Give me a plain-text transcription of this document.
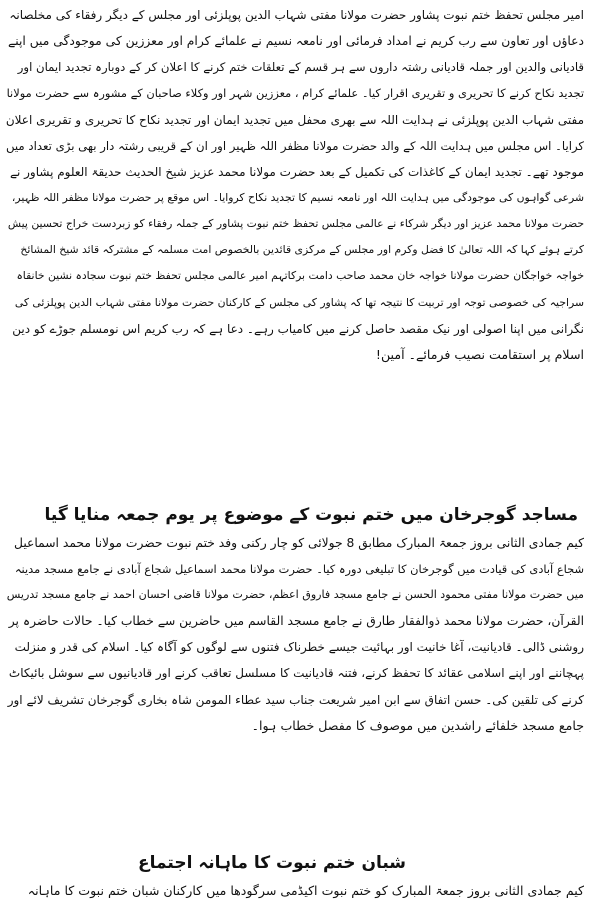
امیر مجلس تحفظ ختم نبوت پشاور حضرت مولانا مفتی شہاب الدین پوپلزئی اور مجلس کے دیگر رفقاء کی مخلصانہ
دعاؤں اور تعاون سے رب کریم نے امداد فرمائی اور نامعہ نسیم نے علمائے کرام اور معززین کی موجودگی میں اپنے
قادیانی والدین اور جملہ قادیانی رشتہ داروں سے ہر قسم کے تعلقات ختم کرنے کا اعلان کر کے دوبارہ تجدید ایمان اور
تجدید نکاح کرنے کا تحریری و تقریری اقرار کیا۔ علمائے کرام ، معززین شہر اور وکلاء صاحبان کے مشورہ سے حضرت مولانا
مفتی شہاب الدین پوپلزئی نے ہدایت اللہ سے بھری محفل میں تجدید ایمان اور تجدید نکاح کا تحریری و تقریری اعلان
کرایا۔ اس مجلس میں ہدایت اللہ کے والد حضرت مولانا مظفر اللہ ظہیر اور ان کے قریبی رشتہ دار بھی بڑی تعداد میں
موجود تھے۔ تجدید ایمان کے کاغذات کی تکمیل کے بعد حضرت مولانا محمد عزیز شیخ الحدیث حدیقۃ العلوم پشاور نے
شرعی گواہوں کی موجودگی میں ہدایت اللہ اور نامعہ نسیم کا تجدید نکاح کروایا۔ اس موقع پر حضرت مولانا مظفر اللہ ظہیر،
حضرت مولانا محمد عزیز اور دیگر شرکاء نے عالمی مجلس تحفظ ختم نبوت پشاور کے جملہ رفقاء کو زبردست خراج تحسین پیش
کرتے ہوئے کہا کہ اللہ تعالیٰ کا فضل وکرم اور مجلس کے مرکزی قائدین بالخصوص امت مسلمہ کے مشترکہ قائد شیخ المشائخ
خواجہ خواجگان حضرت مولانا خواجہ خان محمد صاحب دامت برکاتہم امیر عالمی مجلس تحفظ ختم نبوت سجادہ نشین خانقاہ
سراجیہ کی خصوصی توجہ اور تربیت کا نتیجہ تھا کہ پشاور کی مجلس کے کارکنان حضرت مولانا مفتی شہاب الدین پوپلزئی کی
نگرانی میں اپنا اصولی اور نیک مقصد حاصل کرنے میں کامیاب رہے۔ دعا ہے کہ رب کریم اس نومسلم جوڑے کو دین
اسلام پر استقامت نصیب فرمائے۔ آمین!
مساجد گوجرخان میں ختم نبوت کے موضوع پر یوم جمعہ منایا گیا
کیم جمادی الثانی بروز جمعۃ المبارک مطابق 8 جولائی کو چار رکنی وفد ختم نبوت حضرت مولانا محمد اسماعیل
شجاع آبادی کی قیادت میں گوجرخان کا تبلیغی دورہ کیا۔ حضرت مولانا محمد اسماعیل شجاع آبادی نے جامع مسجد مدینہ
میں حضرت مولانا مفتی محمود الحسن نے جامع مسجد فاروق اعظم، حضرت مولانا قاضی احسان احمد نے جامع مسجد تدریس
القرآن، حضرت مولانا محمد ذوالفقار طارق نے جامع مسجد القاسم میں حاضرین سے خطاب کیا۔ حالات حاضرہ پر
روشنی ڈالی۔ قادیانیت، آغا خانیت اور بہائیت جیسے خطرناک فتنوں سے لوگوں کو آگاہ کیا۔ اسلام کی قدر و منزلت
پہچاننے اور اپنے اسلامی عقائد کا تحفظ کرنے، فتنہ قادیانیت کا مسلسل تعاقب کرنے اور قادیانیوں سے سوشل بائیکاٹ
کرنے کی تلقین کی۔ حسن اتفاق سے ابن امیر شریعت جناب سید عطاء المومن شاہ بخاری گوجرخان تشریف لائے اور
جامع مسجد خلفائے راشدین میں موصوف کا مفصل خطاب ہوا۔
شبان ختم نبوت کا ماہانہ اجتماع
کیم جمادی الثانی بروز جمعۃ المبارک کو ختم نبوت اکیڈمی سرگودھا میں کارکنان شبان ختم نبوت کا ماہانہ
